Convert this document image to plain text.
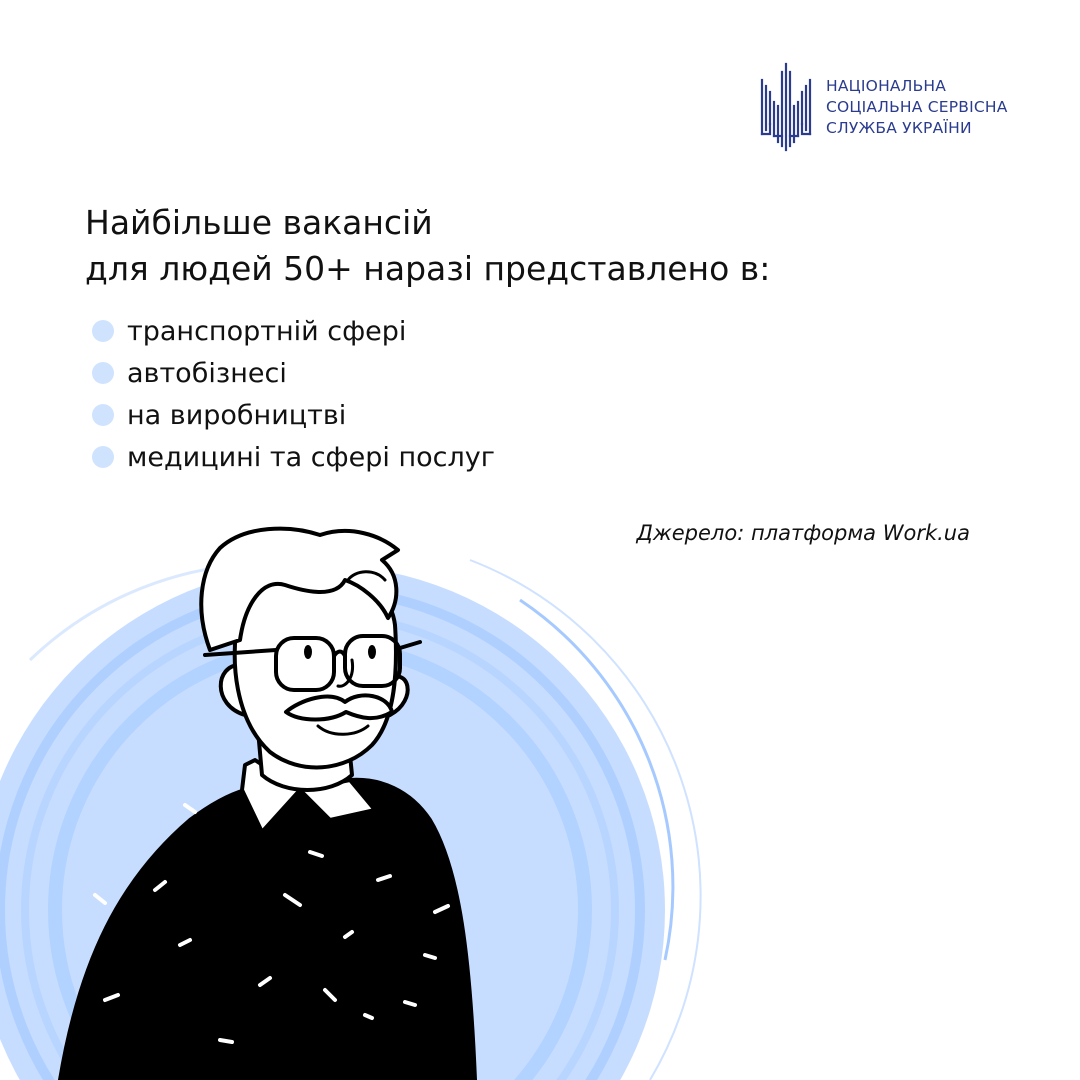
НАЦІОНАЛЬНА
СОЦІАЛЬНА СЕРВІСНА
СЛУЖБА УКРАЇНИ
Найбільше вакансій
для людей 50+ наразі представлено в:
транспортній сфері
автобізнесі
на виробництві
медицині та сфері послуг
Джерело: платформа Work.ua
